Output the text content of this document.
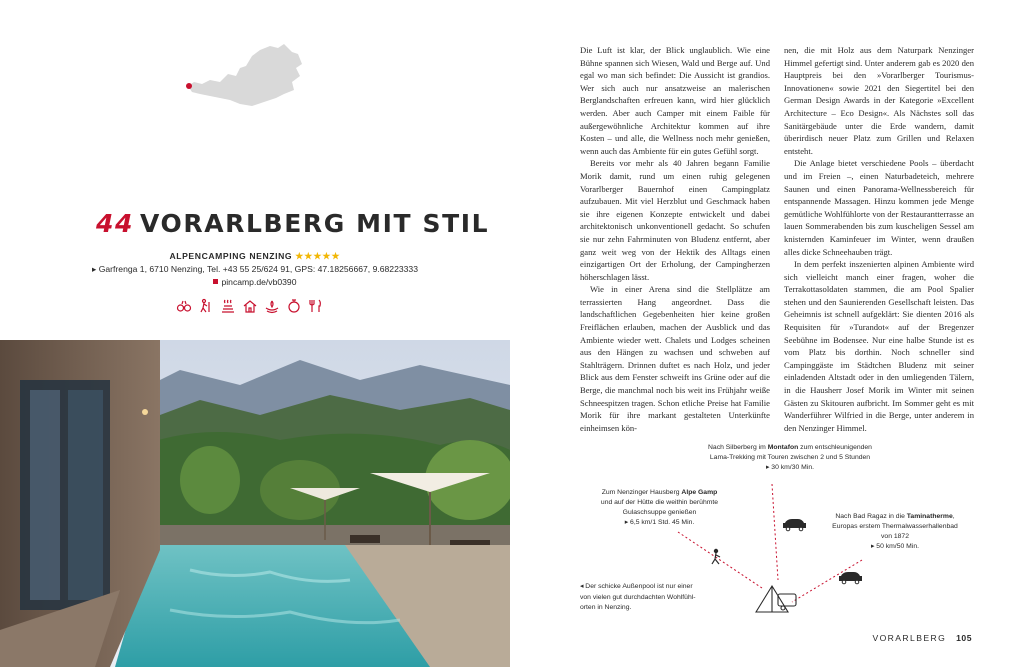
44 VORARLBERG MIT STIL
ALPENCAMPING NENZING ★★★★★
▸ Garfrenga 1, 6710 Nenzing, Tel. +43 55 25/624 91, GPS: 47.18256667, 9.68223333
pincamp.de/vb0390

Die Luft ist klar, der Blick unglaublich. Wie eine Bühne spannen sich Wiesen, Wald und Berge auf. Und egal wo man sich befindet: Die Aussicht ist grandios. Wer sich auch nur ansatzweise an malerischen Berglandschaften erfreuen kann, wird hier glücklich werden. Aber auch Camper mit einem Faible für außergewöhnliche Architektur kommen auf ihre Kosten – und alle, die Wellness noch mehr genießen, wenn auch das Ambiente für ein gutes Gefühl sorgt.

Bereits vor mehr als 40 Jahren begann Familie Morik damit, rund um einen ruhig gelegenen Vorarlberger Bauernhof einen Campingplatz aufzubauen. Mit viel Herzblut und Geschmack haben sie ihre eigenen Konzepte entwickelt und dabei architektonisch unkonventionell gedacht. So schufen sie nur zehn Fahrminuten von Bludenz entfernt, aber ganz weit weg von der Hektik des Alltags einen einzigartigen Ort der Erholung, der Campingherzen höherschlagen lässt.

Wie in einer Arena sind die Stellplätze am terrassierten Hang angeordnet. Dass die landschaftlichen Gegebenheiten hier keine großen Freiflächen erlauben, machen der Ausblick und das Ambiente wieder wett. Chalets und Lodges scheinen aus den Hängen zu wachsen und schweben auf Stahlträgern. Drinnen duftet es nach Holz, und jeder Blick aus dem Fenster schweift ins Grüne oder auf die Berge, die manchmal noch bis weit ins Frühjahr weiße Schneespitzen tragen. Schon etliche Preise hat Familie Morik für ihre markant gestalteten Unterkünfte einheimsen kön-

nen, die mit Holz aus dem Naturpark Nenzinger Himmel gefertigt sind. Unter anderem gab es 2020 den Hauptpreis bei den »Vorarlberger Tourismus-Innovationen« sowie 2021 den Siegertitel bei den German Design Awards in der Kategorie »Excellent Architecture – Eco Design«. Als Nächstes soll das Sanitärgebäude unter die Erde wandern, damit überirdisch neuer Platz zum Grillen und Relaxen entsteht.

Die Anlage bietet verschiedene Pools – überdacht und im Freien –, einen Naturbadeteich, mehrere Saunen und einen Panorama-Wellnessbereich für entspannende Massagen. Hinzu kommen jede Menge gemütliche Wohlfühlorte von der Restaurantterrasse an lauen Sommerabenden bis zum kuscheligen Sessel am knisternden Kaminfeuer im Winter, wenn draußen alles dicke Schneehauben trägt.

In dem perfekt inszenierten alpinen Ambiente wird sich vielleicht manch einer fragen, woher die Terrakottasoldaten stammen, die am Pool Spalier stehen und den Saunierenden Gesellschaft leisten. Das Geheimnis ist schnell aufgeklärt: Sie dienten 2016 als Requisiten für »Turandot« auf der Bregenzer Seebühne im Bodensee. Nur eine halbe Stunde ist es vom Platz bis dorthin. Noch schneller sind Campinggäste im Städtchen Bludenz mit seiner einladenden Altstadt oder in den umliegenden Tälern, in die Hausherr Josef Morik im Winter mit seinen Gästen zu Skitouren aufbricht. Im Sommer geht es mit Wanderführer Wilfried in die Berge, unter anderem in den Nenzinger Himmel.

Nach Silberberg im Montafon zum entschleunigenden
Lama-Trekking mit Touren zwischen 2 und 5 Stunden
▸ 30 km/30 Min.
Zum Nenzinger Hausberg Alpe Gamp
und auf der Hütte die weithin berühmte
Gulaschsuppe genießen
▸ 6,5 km/1 Std. 45 Min.
Nach Bad Ragaz in die Taminatherme,
Europas erstem Thermalwasserhallenbad
von 1872
▸ 50 km/50 Min.
◂ Der schicke Außenpool ist nur einer
von vielen gut durchdachten Wohlfühl-
orten in Nenzing.
VORARLBERG 105
